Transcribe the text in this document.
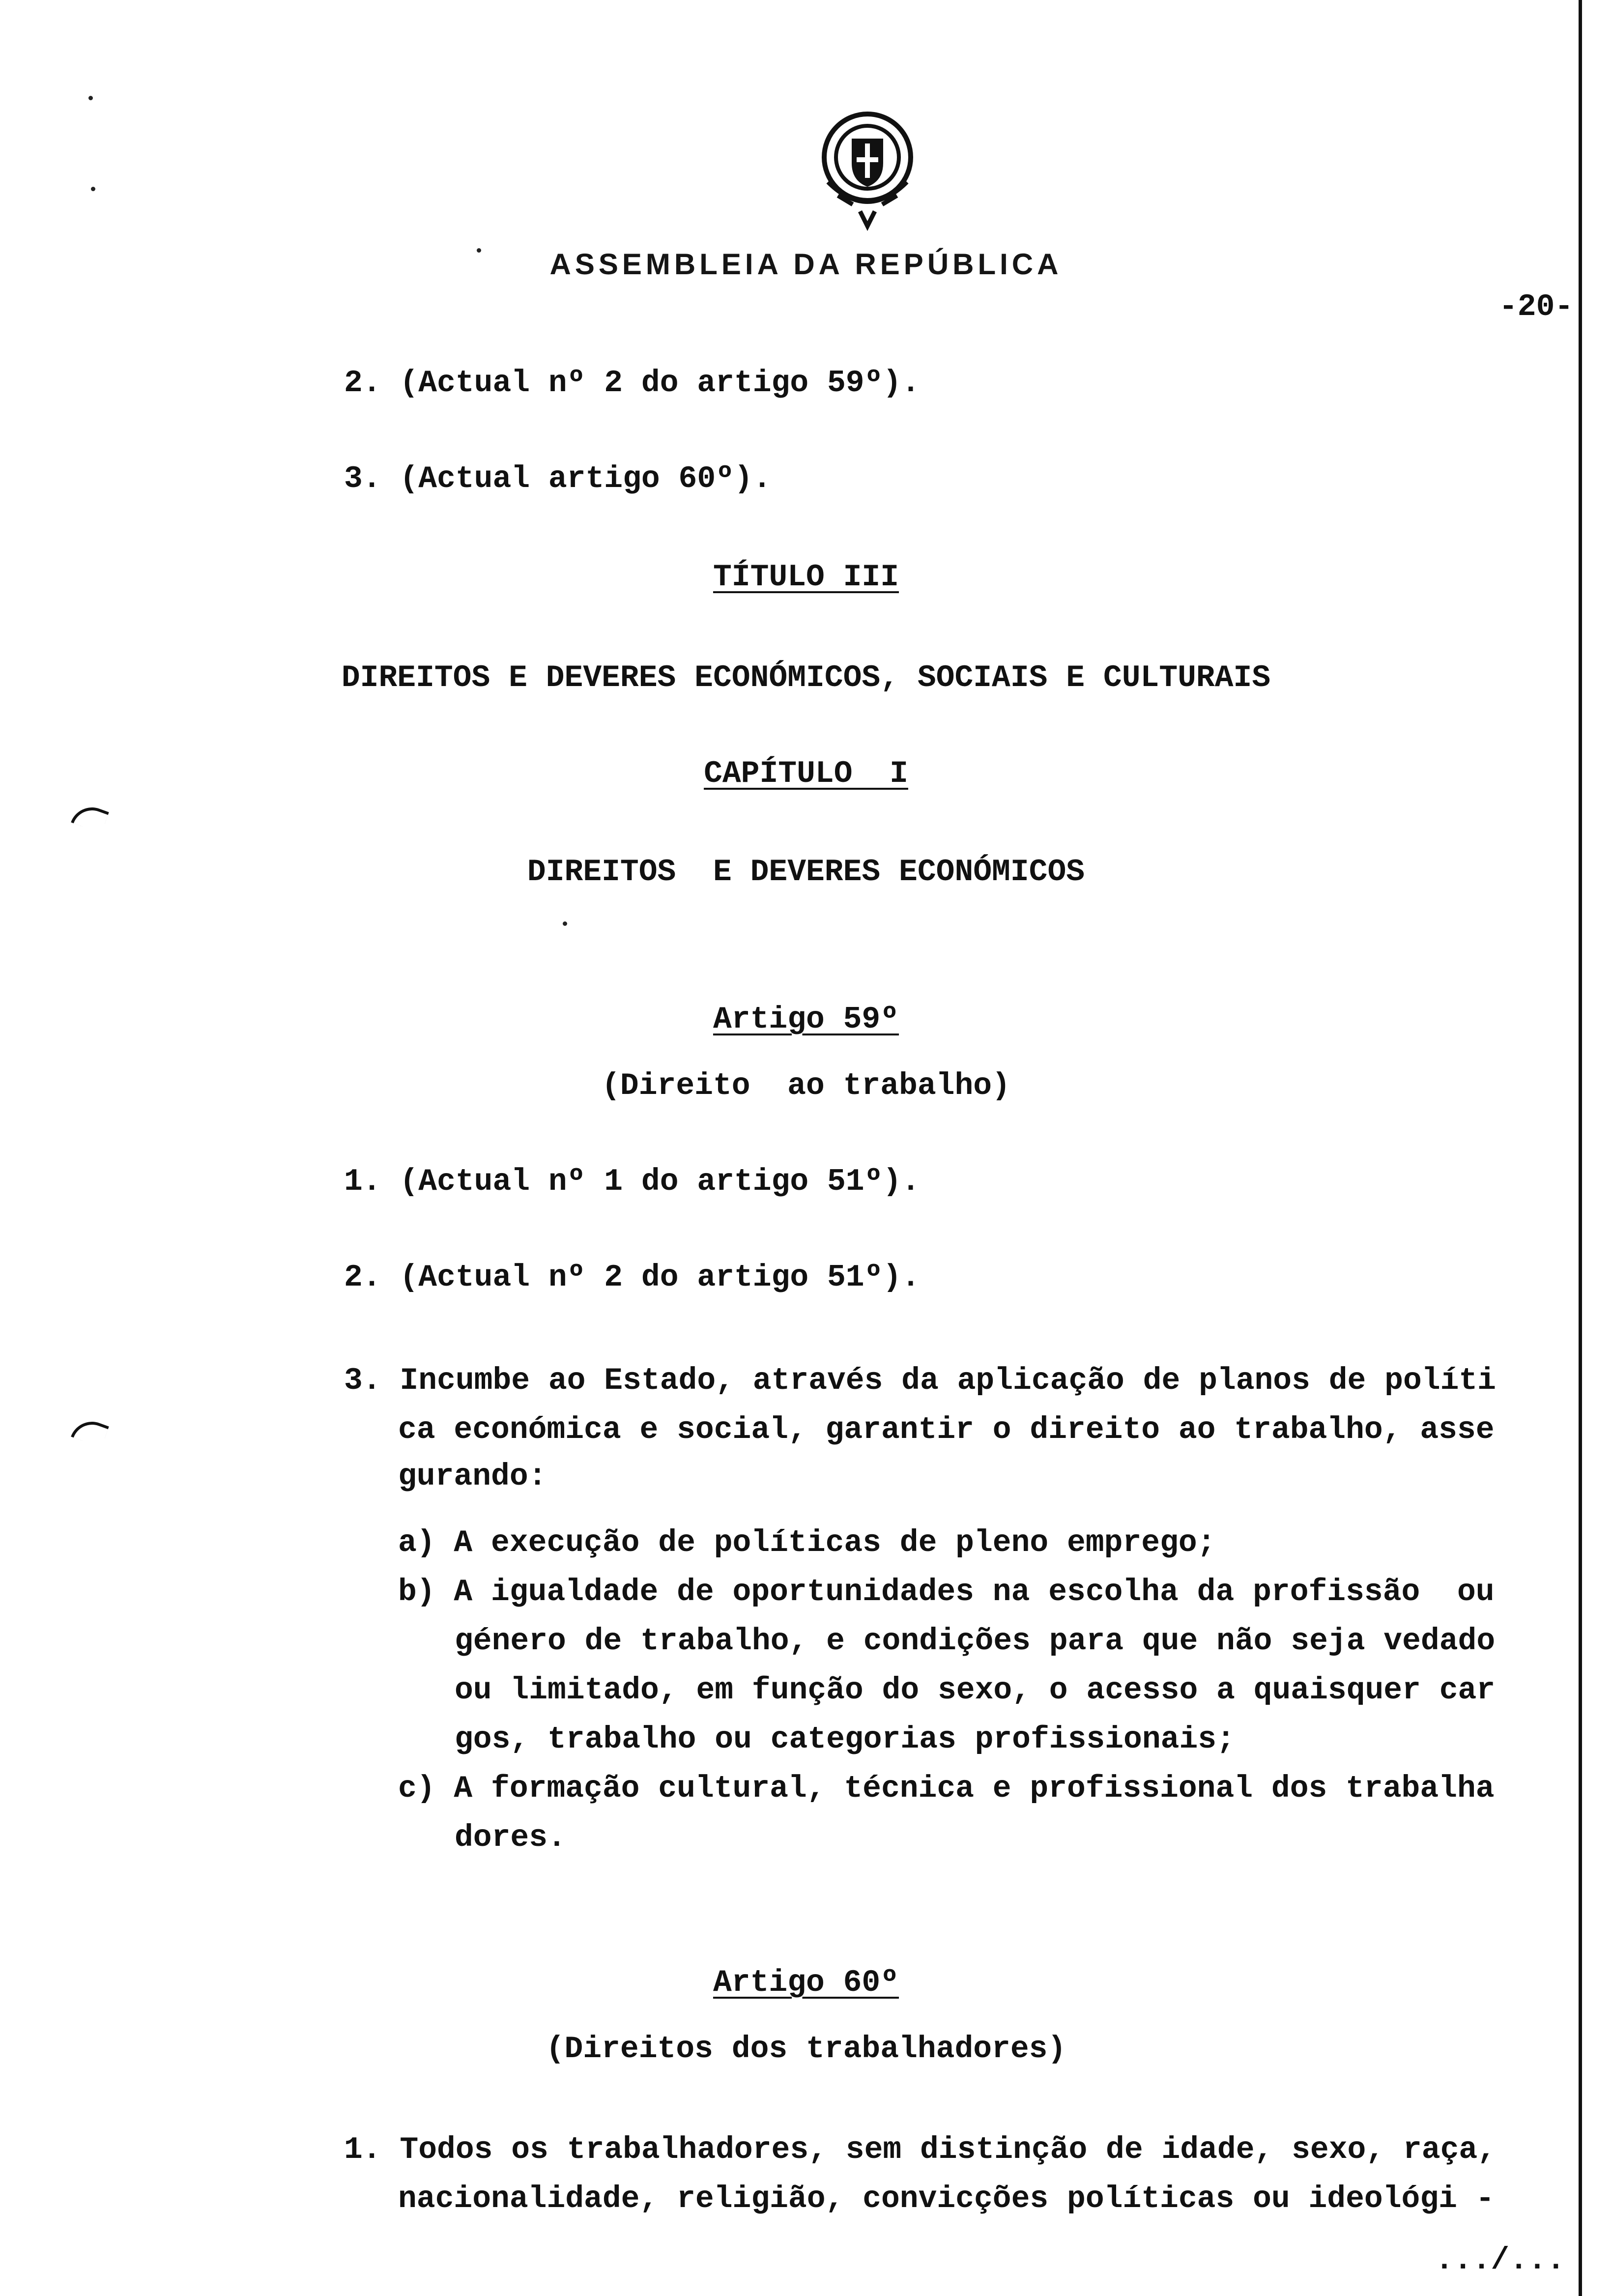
ASSEMBLEIA DA REPÚBLICA
-20-
2. (Actual nº 2 do artigo 59º).
3. (Actual artigo 60º).
TÍTULO III
DIREITOS E DEVERES ECONÓMICOS, SOCIAIS E CULTURAIS
CAPÍTULO  I
DIREITOS  E DEVERES ECONÓMICOS
Artigo 59º
(Direito  ao trabalho)
1. (Actual nº 1 do artigo 51º).
2. (Actual nº 2 do artigo 51º).
3. Incumbe ao Estado, através da aplicação de planos de políti
ca económica e social, garantir o direito ao trabalho, asse
gurando:
a) A execução de políticas de pleno emprego;
b) A igualdade de oportunidades na escolha da profissão  ou
género de trabalho, e condições para que não seja vedado
ou limitado, em função do sexo, o acesso a quaisquer car
gos, trabalho ou categorias profissionais;
c) A formação cultural, técnica e profissional dos trabalha
dores.
Artigo 60º
(Direitos dos trabalhadores)
1. Todos os trabalhadores, sem distinção de idade, sexo, raça,
nacionalidade, religião, convicções políticas ou ideológi -
.../...
